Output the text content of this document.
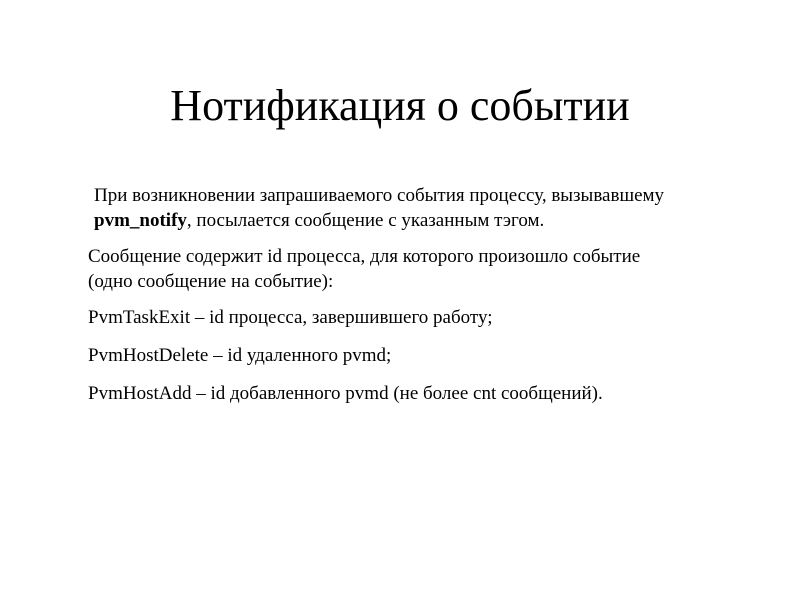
Нотификация о событии

При возникновении запрашиваемого события процессу, вызывавшему
pvm_notify, посылается сообщение с указанным тэгом.

Сообщение содержит id процесса, для которого произошло событие
(одно сообщение на событие):

PvmTaskExit – id процесса, завершившего работу;

PvmHostDelete – id удаленного pvmd;

PvmHostAdd – id добавленного pvmd (не более cnt сообщений).
